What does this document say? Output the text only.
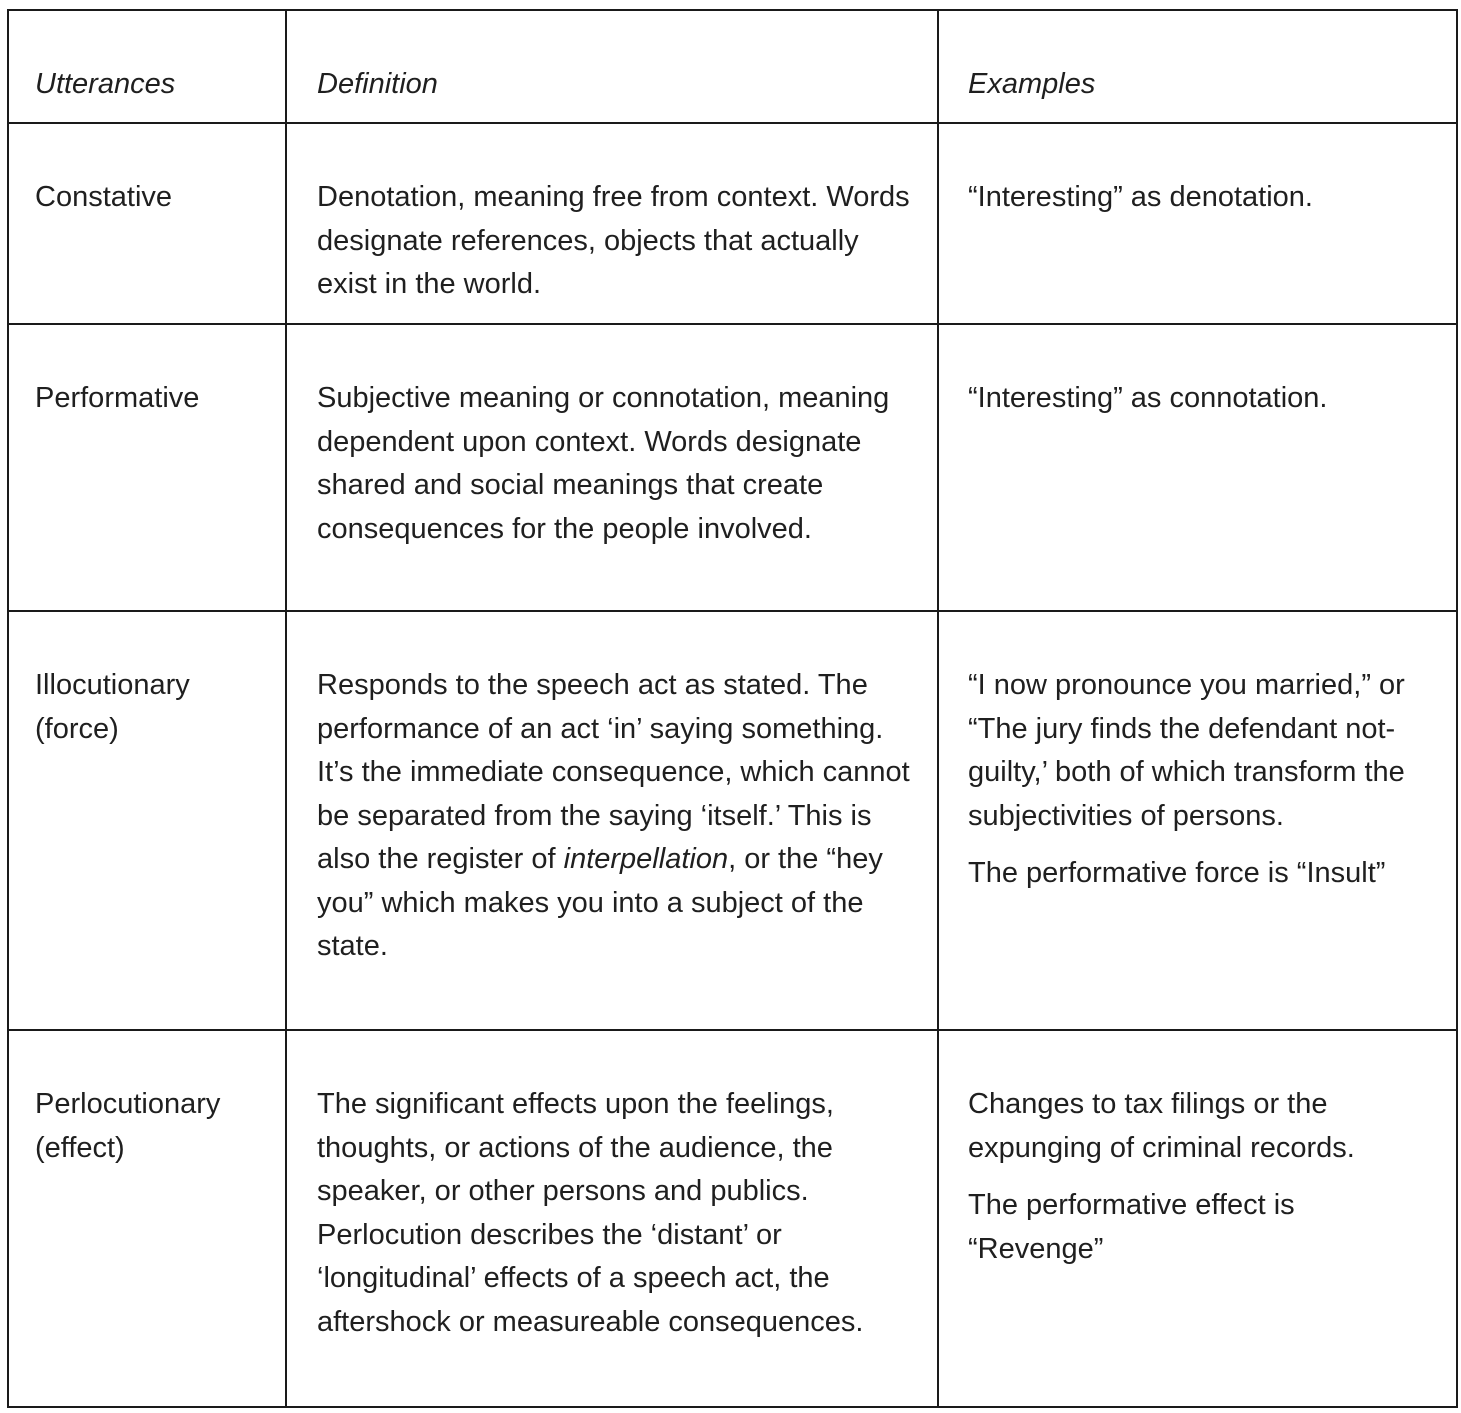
Utterances	Definition	Examples
Constative	Denotation, meaning free from context. Words designate references, objects that actually exist in the world.	“Interesting” as denotation.
Performative	Subjective meaning or connotation, meaning dependent upon context. Words designate shared and social meanings that create consequences for the people involved.	“Interesting” as connotation.
Illocutionary (force)	Responds to the speech act as stated. The performance of an act ‘in’ saying something. It’s the immediate consequence, which cannot be separated from the saying ‘itself.’ This is also the register of interpellation, or the “hey you” which makes you into a subject of the state.	“I now pronounce you married,” or “The jury finds the defendant not-guilty,’ both of which transform the subjectivities of persons.

The performative force is “Insult”

Perlocutionary (effect)	The significant effects upon the feelings, thoughts, or actions of the audience, the speaker, or other persons and publics. Perlocution describes the ‘distant’ or ‘longitudinal’ effects of a speech act, the aftershock or measureable consequences.	Changes to tax filings or the expunging of criminal records.

The performative effect is “Revenge”
